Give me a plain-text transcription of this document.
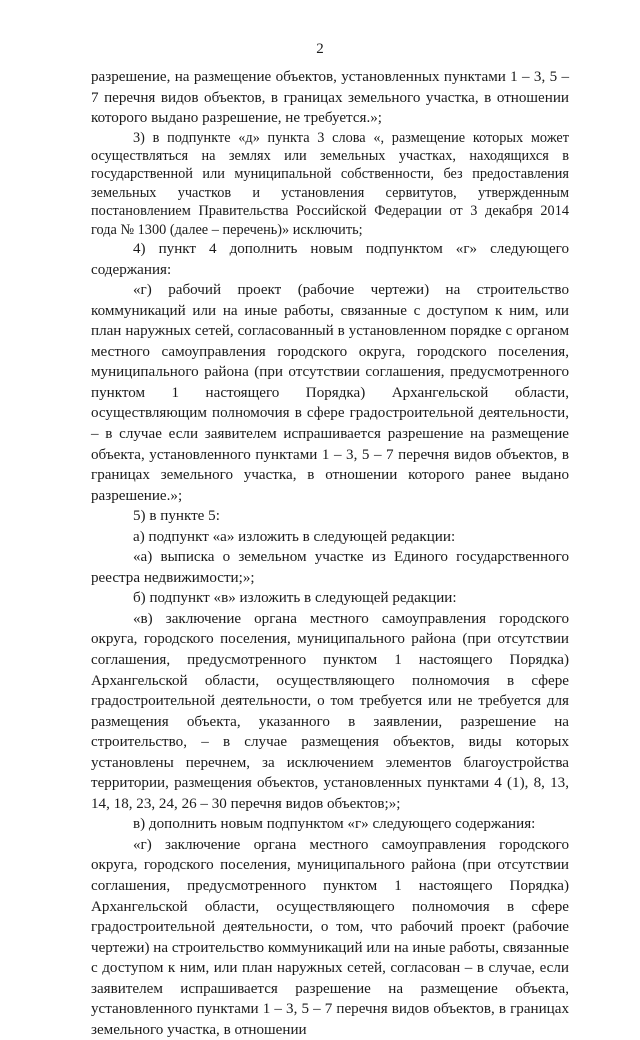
2

разрешение, на размещение объектов, установленных пунктами 1 – 3, 5 – 7 перечня видов объектов, в границах земельного участка, в отношении которого выдано разрешение, не требуется.»;

3) в подпункте «д» пункта 3 слова «, размещение которых может осуществляться на землях или земельных участках, находящихся в государственной или муниципальной собственности, без предоставления земельных участков и установления сервитутов, утвержденным постановлением Правительства Российской Федерации от 3 декабря 2014 года № 1300 (далее – перечень)» исключить;

4) пункт 4 дополнить новым подпунктом «г» следующего содержания:

«г) рабочий проект (рабочие чертежи) на строительство коммуникаций или на иные работы, связанные с доступом к ним, или план наружных сетей, согласованный в установленном порядке с органом местного самоуправления городского округа, городского поселения, муниципального района (при отсутствии соглашения, предусмотренного пунктом 1 настоящего Порядка) Архангельской области, осуществляющим полномочия в сфере градостроительной деятельности, – в случае если заявителем испрашивается разрешение на размещение объекта, установленного пунктами 1 – 3, 5 – 7 перечня видов объектов, в границах земельного участка, в отношении которого ранее выдано разрешение.»;

5) в пункте 5:

а) подпункт «а» изложить в следующей редакции:

«а) выписка о земельном участке из Единого государственного реестра недвижимости;»;

б) подпункт «в» изложить в следующей редакции:

«в) заключение органа местного самоуправления городского округа, городского поселения, муниципального района (при отсутствии соглашения, предусмотренного пунктом 1 настоящего Порядка) Архангельской области, осуществляющего полномочия в сфере градостроительной деятельности, о том требуется или не требуется для размещения объекта, указанного в заявлении, разрешение на строительство, – в случае размещения объектов, виды которых установлены перечнем, за исключением элементов благоустройства территории, размещения объектов, установленных пунктами 4 (1), 8, 13, 14, 18, 23, 24, 26 – 30 перечня видов объектов;»;

в) дополнить новым подпунктом «г» следующего содержания:

«г) заключение органа местного самоуправления городского округа, городского поселения, муниципального района (при отсутствии соглашения, предусмотренного пунктом 1 настоящего Порядка) Архангельской области, осуществляющего полномочия в сфере градостроительной деятельности, о том, что рабочий проект (рабочие чертежи) на строительство коммуникаций или на иные работы, связанные с доступом к ним, или план наружных сетей, согласован – в случае, если заявителем испрашивается разрешение на размещение объекта, установленного пунктами 1 – 3, 5 – 7 перечня видов объектов, в границах земельного участка, в отношении
